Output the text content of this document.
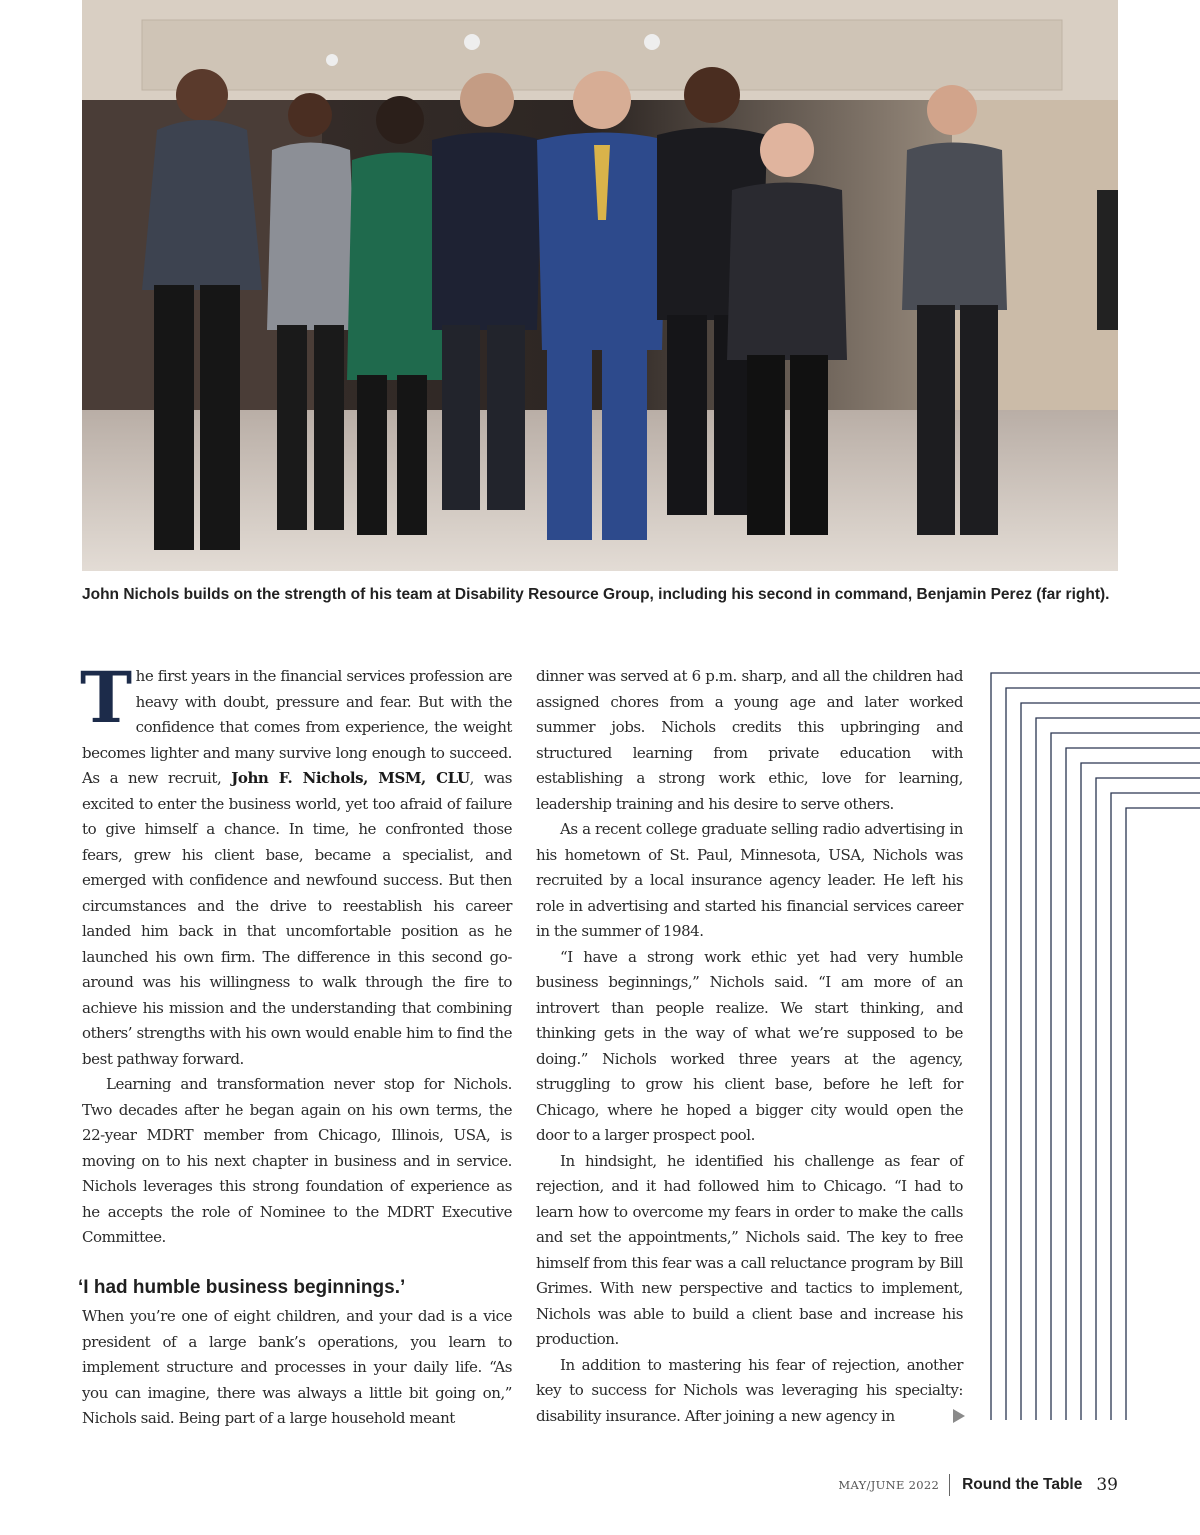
John Nichols builds on the strength of his team at Disability Resource Group, including his second in command, Benjamin Perez (far right).

The first years in the financial services profession are heavy with doubt, pressure and fear. But with the confidence that comes from experience, the weight becomes lighter and many survive long enough to succeed. As a new recruit, John F. Nichols, MSM, CLU, was excited to enter the business world, yet too afraid of failure to give himself a chance. In time, he confronted those fears, grew his client base, became a specialist, and emerged with confidence and newfound success. But then circumstances and the drive to reestablish his career landed him back in that uncomfortable position as he launched his own firm. The difference in this second go-around was his willingness to walk through the fire to achieve his mission and the understanding that combining others’ strengths with his own would enable him to find the best pathway forward.

Learning and transformation never stop for Nichols. Two decades after he began again on his own terms, the 22-year MDRT member from Chicago, Illinois, USA, is moving on to his next chapter in business and in service. Nichols leverages this strong foundation of experience as he accepts the role of Nominee to the MDRT Executive Committee.

‘I had humble business beginnings.’

When you’re one of eight children, and your dad is a vice president of a large bank’s operations, you learn to implement structure and processes in your daily life. “As you can imagine, there was always a little bit going on,” Nichols said. Being part of a large household meant

dinner was served at 6 p.m. sharp, and all the children had assigned chores from a young age and later worked summer jobs. Nichols credits this upbringing and structured learning from private education with establishing a strong work ethic, love for learning, leadership training and his desire to serve others.

As a recent college graduate selling radio advertising in his hometown of St. Paul, Minnesota, USA, Nichols was recruited by a local insurance agency leader. He left his role in advertising and started his financial services career in the summer of 1984.

“I have a strong work ethic yet had very humble business beginnings,” Nichols said. “I am more of an introvert than people realize. We start thinking, and thinking gets in the way of what we’re supposed to be doing.” Nichols worked three years at the agency, struggling to grow his client base, before he left for Chicago, where he hoped a bigger city would open the door to a larger prospect pool.

In hindsight, he identified his challenge as fear of rejection, and it had followed him to Chicago. “I had to learn how to overcome my fears in order to make the calls and set the appointments,” Nichols said. The key to free himself from this fear was a call reluctance program by Bill Grimes. With new perspective and tactics to implement, Nichols was able to build a client base and increase his production.

In addition to mastering his fear of rejection, another key to success for Nichols was leveraging his specialty: disability insurance. After joining a new agency in

MAY/JUNE 2022 Round the Table 39
